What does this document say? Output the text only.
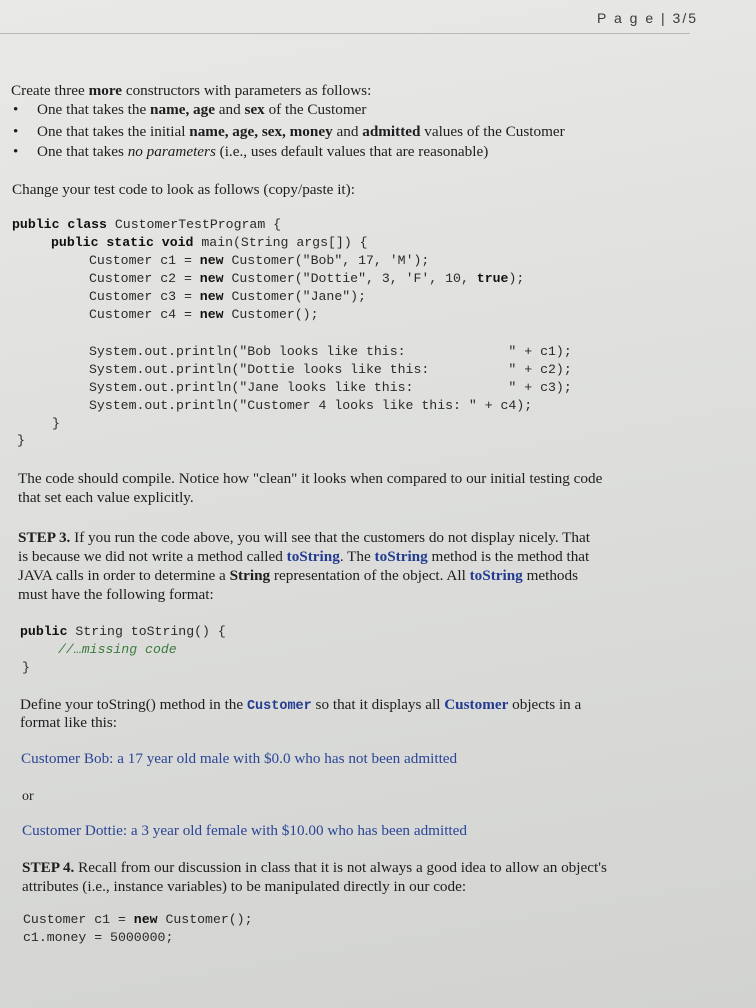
P a g e | 3/5
Create three more constructors with parameters as follows:
• One that takes the name, age and sex of the Customer
• One that takes the initial name, age, sex, money and admitted values of the Customer
• One that takes no parameters (i.e., uses default values that are reasonable)
Change your test code to look as follows (copy/paste it):
public class CustomerTestProgram {
public static void main(String args[]) {
Customer c1 = new Customer("Bob", 17, 'M');
Customer c2 = new Customer("Dottie", 3, 'F', 10, true);
Customer c3 = new Customer("Jane");
Customer c4 = new Customer();
System.out.println("Bob looks like this:             " + c1);
System.out.println("Dottie looks like this:          " + c2);
System.out.println("Jane looks like this:            " + c3);
System.out.println("Customer 4 looks like this: " + c4);
}
}
The code should compile. Notice how "clean" it looks when compared to our initial testing code
that set each value explicitly.
STEP 3. If you run the code above, you will see that the customers do not display nicely. That
is because we did not write a method called toString. The toString method is the method that
JAVA calls in order to determine a String representation of the object. All toString methods
must have the following format:
public String toString() {
//…missing code
}
Define your toString() method in the Customer so that it displays all Customer objects in a
format like this:
Customer Bob: a 17 year old male with $0.0 who has not been admitted
or
Customer Dottie: a 3 year old female with $10.00 who has been admitted
STEP 4. Recall from our discussion in class that it is not always a good idea to allow an object's
attributes (i.e., instance variables) to be manipulated directly in our code:
Customer c1 = new Customer();
c1.money = 5000000;
